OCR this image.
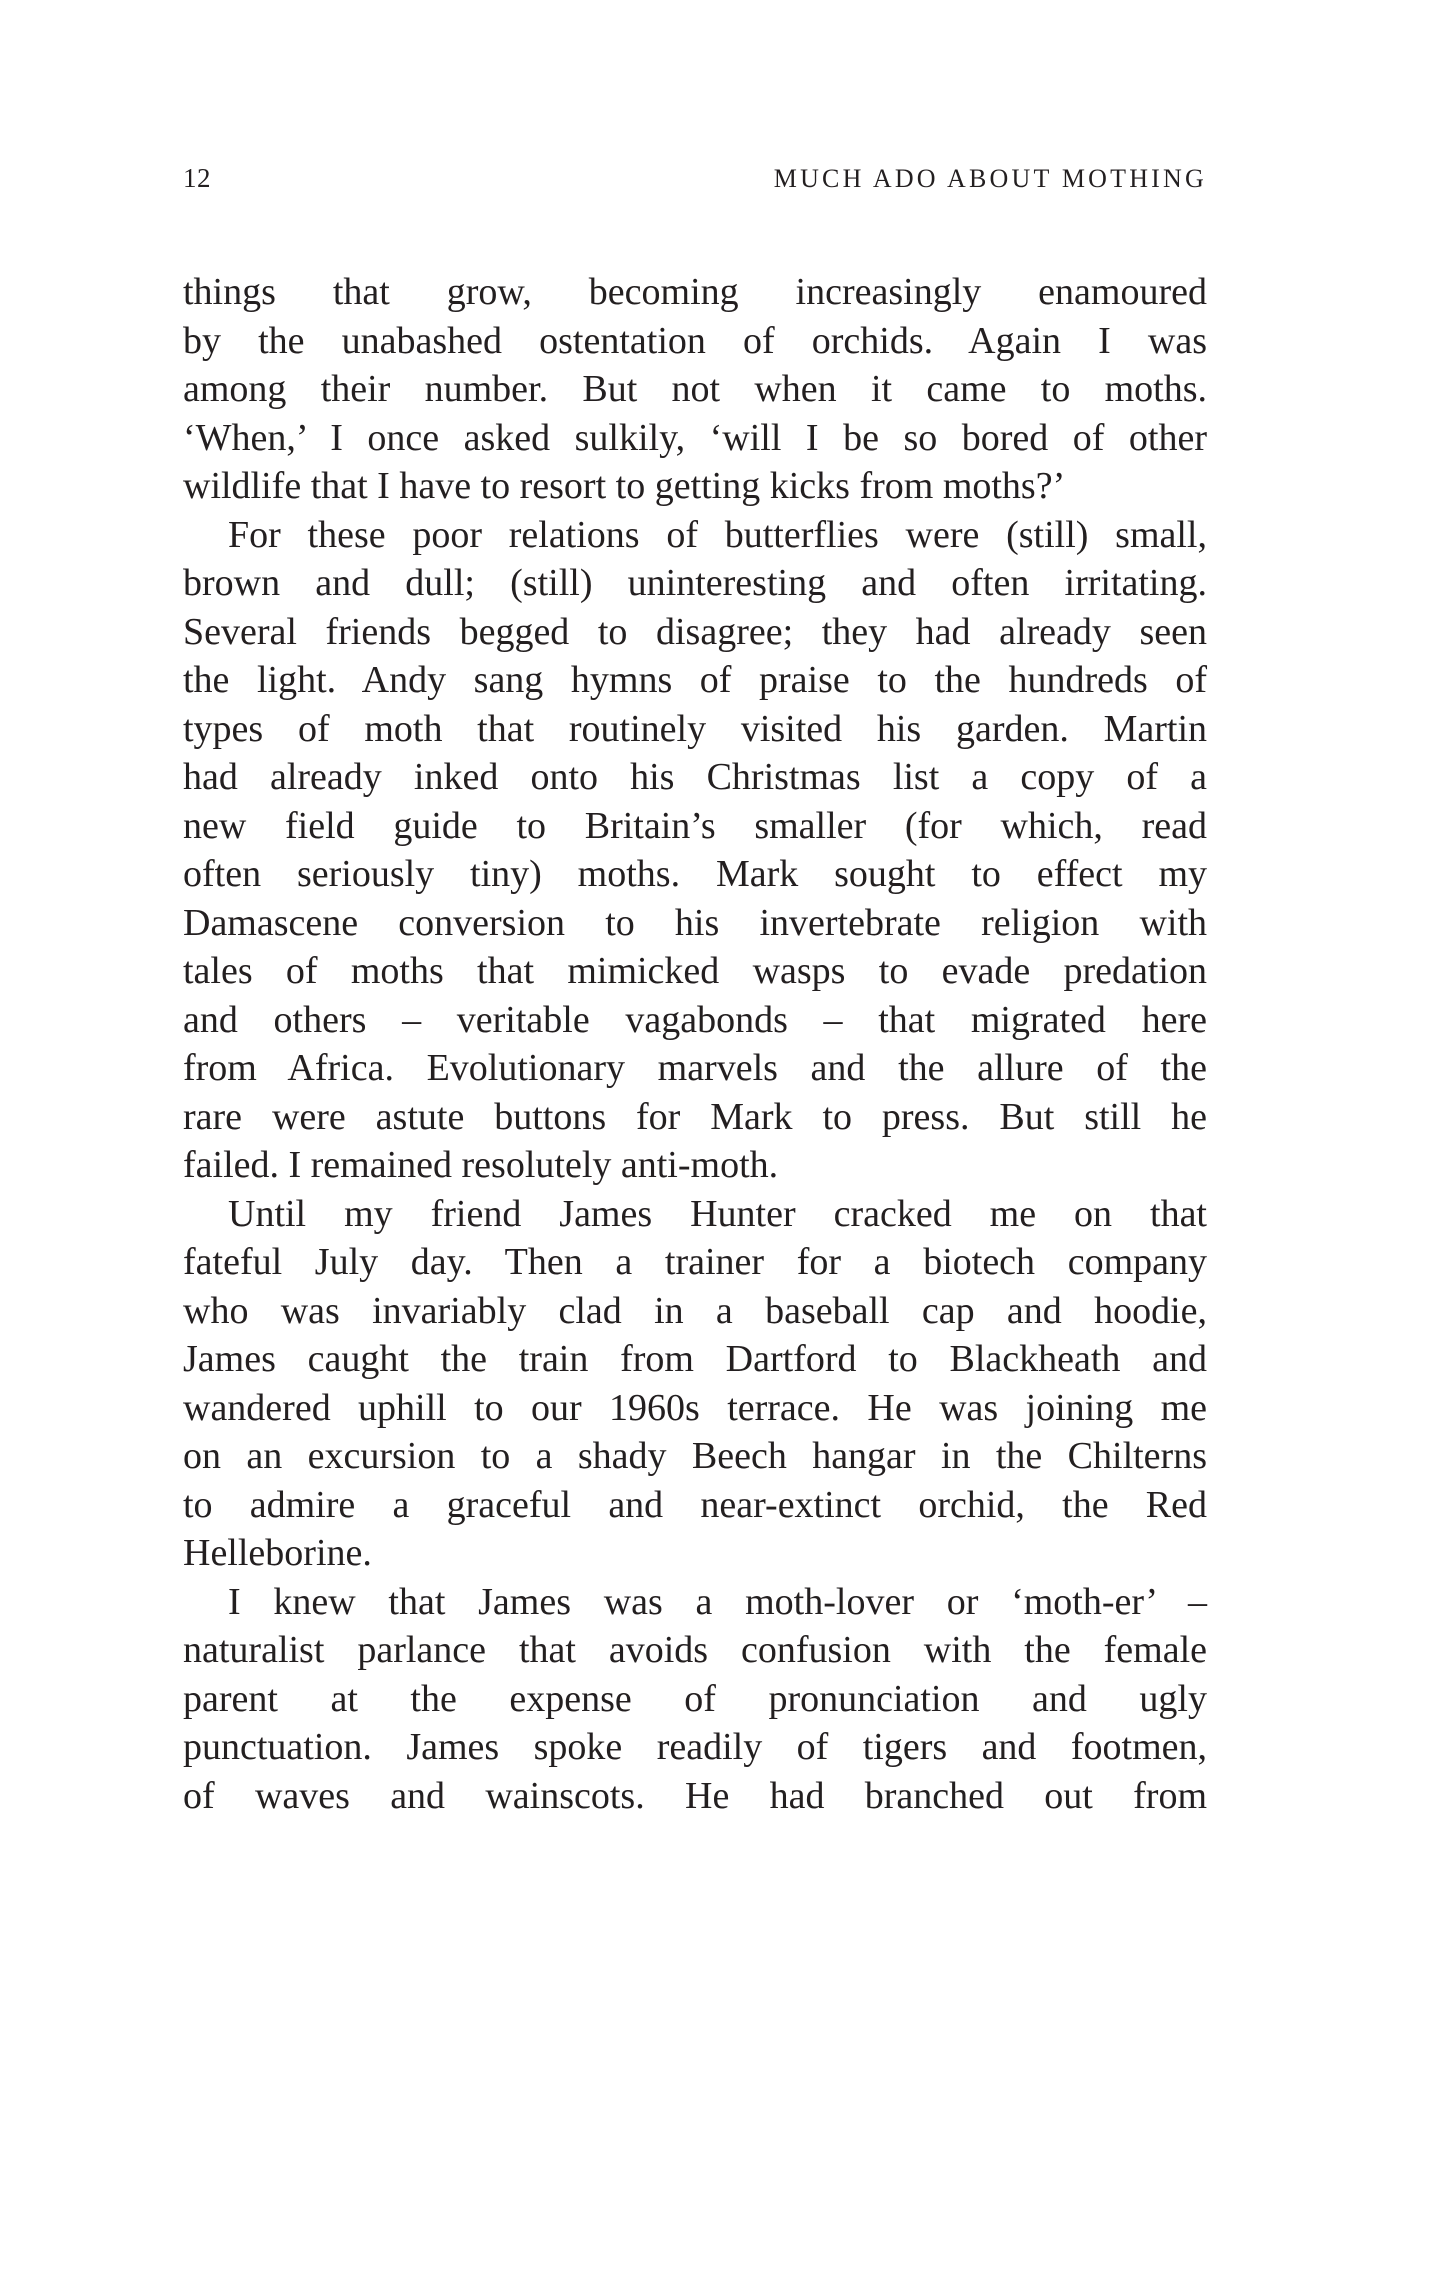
12	MUCH ADO ABOUT MOTHING
things that grow, becoming increasingly enamoured
by the unabashed ostentation of orchids. Again I was
among their number. But not when it came to moths.
‘When,’ I once asked sulkily, ‘will I be so bored of other
wildlife that I have to resort to getting kicks from moths?’
For these poor relations of butterflies were (still) small,
brown and dull; (still) uninteresting and often irritating.
Several friends begged to disagree; they had already seen
the light. Andy sang hymns of praise to the hundreds of
types of moth that routinely visited his garden. Martin
had already inked onto his Christmas list a copy of a
new field guide to Britain’s smaller (for which, read
often seriously tiny) moths. Mark sought to effect my
Damascene conversion to his invertebrate religion with
tales of moths that mimicked wasps to evade predation
and others – veritable vagabonds – that migrated here
from Africa. Evolutionary marvels and the allure of the
rare were astute buttons for Mark to press. But still he
failed. I remained resolutely anti-moth.
Until my friend James Hunter cracked me on that
fateful July day. Then a trainer for a biotech company
who was invariably clad in a baseball cap and hoodie,
James caught the train from Dartford to Blackheath and
wandered uphill to our 1960s terrace. He was joining me
on an excursion to a shady Beech hangar in the Chilterns
to admire a graceful and near-extinct orchid, the Red
Helleborine.
I knew that James was a moth-lover or ‘moth-er’ –
naturalist parlance that avoids confusion with the female
parent at the expense of pronunciation and ugly
punctuation. James spoke readily of tigers and footmen,
of waves and wainscots. He had branched out from
